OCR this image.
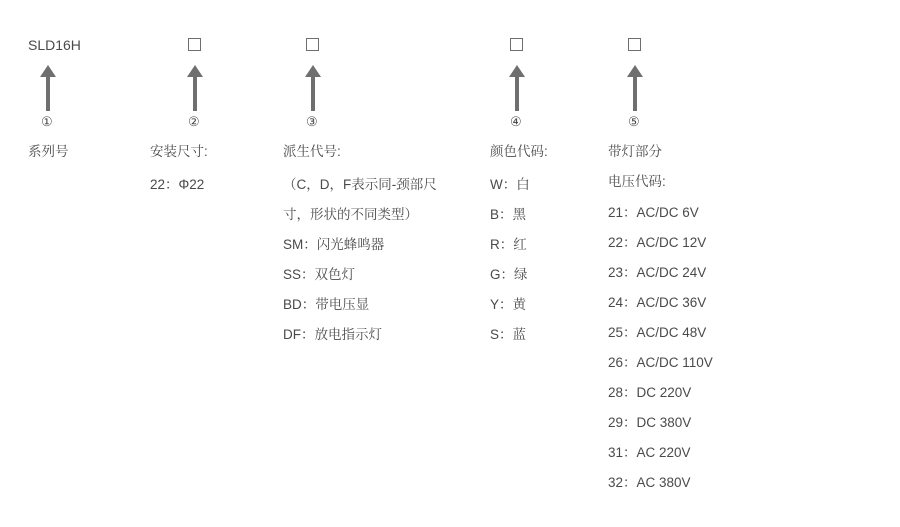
SLD16H
①
系列号
②
安装尺寸:
22：Φ22
③
派生代号:
（C，D，F表示同-颈部尺寸，形状的不同类型）
SM：闪光蜂鸣器
SS：双色灯
BD：带电压显
DF：放电指示灯
④
颜色代码:
W：白
B：黑
R：红
G：绿
Y：黄
S：蓝
⑤
带灯部分
电压代码:
21：AC/DC 6V
22：AC/DC 12V
23：AC/DC 24V
24：AC/DC 36V
25：AC/DC 48V
26：AC/DC 110V
28：DC 220V
29：DC 380V
31：AC 220V
32：AC 380V
